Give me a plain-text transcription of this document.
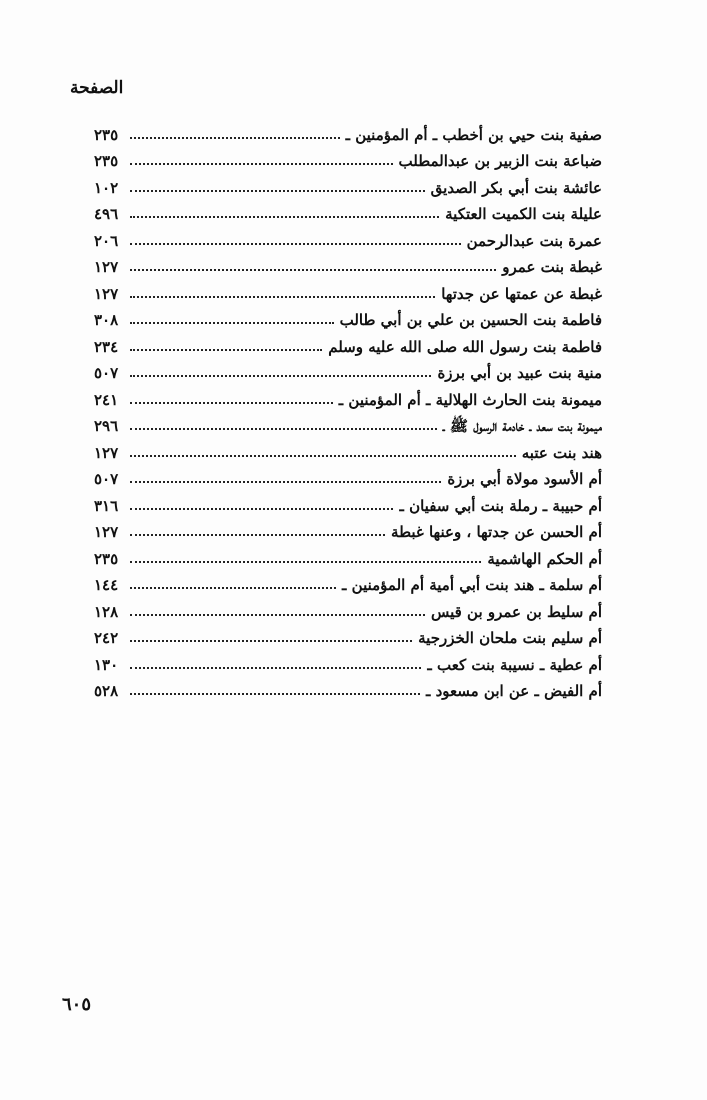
الصفحة
٢٣٥	صفية بنت حيي بن أخطب ـ أم المؤمنين ـ
٢٣٥	ضباعة بنت الزبير بن عبدالمطلب
١٠٢	عائشة بنت أبي بكر الصديق
٤٩٦	عليلة بنت الكميت العتكية
٢٠٦	عمرة بنت عبدالرحمن
١٢٧	غبطة بنت عمرو
١٢٧	غبطة عن عمتها عن جدتها
٣٠٨	فاطمة بنت الحسين بن علي بن أبي طالب
٢٣٤	فاطمة بنت رسول الله صلى الله عليه وسلم
٥٠٧	منية بنت عبيد بن أبي برزة
٢٤١	ميمونة بنت الحارث الهلالية ـ أم المؤمنين ـ
٢٩٦	ميمونة بنت سعد ـ خادمة الرسول ﷺ ـ
١٢٧	هند بنت عتبه
٥٠٧	أم الأسود مولاة أبي برزة
٣١٦	أم حبيبة ـ رملة بنت أبي سفيان ـ
١٢٧	أم الحسن عن جدتها ، وعنها غبطة
٢٣٥	أم الحكم الهاشمية
١٤٤	أم سلمة ـ هند بنت أبي أمية أم المؤمنين ـ
١٢٨	أم سليط بن عمرو بن قيس
٢٤٢	أم سليم بنت ملحان الخزرجية
١٣٠	أم عطية ـ نسيبة بنت كعب ـ
٥٢٨	أم الفيض ـ عن ابن مسعود ـ
٦٠٥
